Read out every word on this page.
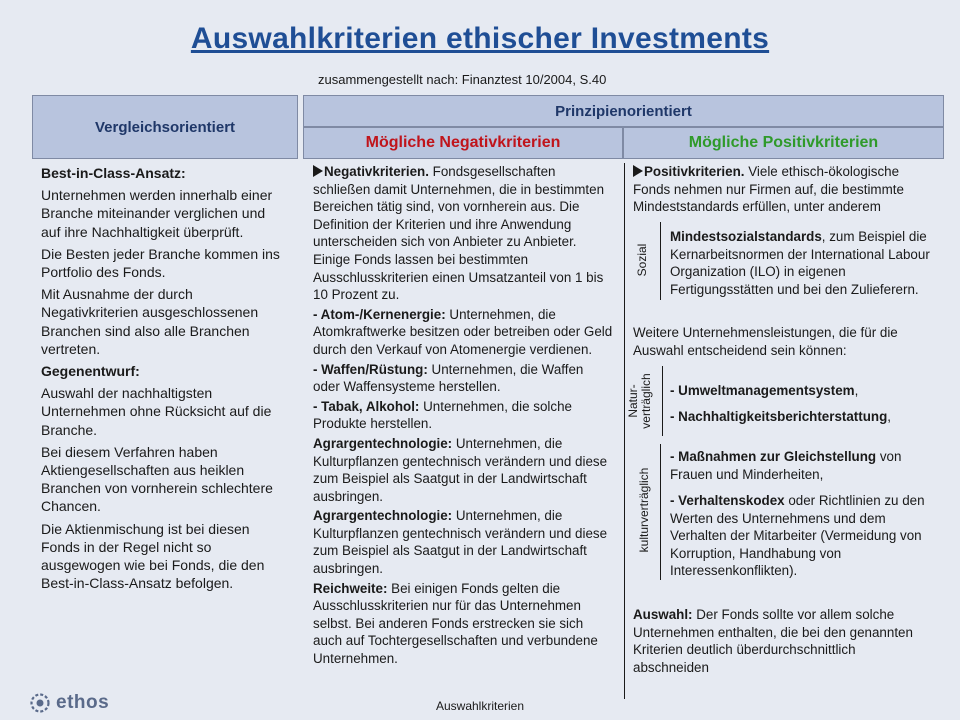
Auswahlkriterien ethischer Investments
zusammengestellt nach: Finanztest 10/2004, S.40
Vergleichsorientiert
Prinzipienorientiert
Mögliche Negativkriterien	Mögliche Positivkriterien

Best-in-Class-Ansatz:

Unternehmen werden innerhalb einer Branche miteinander verglichen und auf ihre Nachhaltigkeit überprüft.

Die Besten jeder Branche kommen ins Portfolio des Fonds.

Mit Ausnahme der durch Negativkriterien ausgeschlossenen Branchen sind also alle Branchen vertreten.

Gegenentwurf:

Auswahl der nachhaltigsten Unternehmen ohne Rücksicht auf die Branche.

Bei diesem Verfahren haben Aktiengesellschaften aus heiklen Branchen von vornherein schlechtere Chancen.

Die Aktienmischung ist bei diesen Fonds in der Regel nicht so ausgewogen wie bei Fonds, die den Best-in-Class-Ansatz befolgen.

Negativkriterien. Fondsgesellschaften schließen damit Unternehmen, die in bestimmten Bereichen tätig sind, von vornherein aus. Die Definition der Kriterien und ihre Anwendung unterscheiden sich von Anbieter zu Anbieter. Einige Fonds lassen bei bestimmten Ausschlusskriterien einen Umsatzanteil von 1 bis 10 Prozent zu.

- Atom-/Kernenergie: Unternehmen, die Atomkraftwerke besitzen oder betreiben oder Geld durch den Verkauf von Atomenergie verdienen.

- Waffen/Rüstung: Unternehmen, die Waffen oder Waffensysteme herstellen.

- Tabak, Alkohol: Unternehmen, die solche Produkte herstellen.

Agrargentechnologie: Unternehmen, die Kulturpflanzen gentechnisch verändern und diese zum Beispiel als Saatgut in der Landwirtschaft ausbringen.

Agrargentechnologie: Unternehmen, die Kulturpflanzen gentechnisch verändern und diese zum Beispiel als Saatgut in der Landwirtschaft ausbringen.

Reichweite: Bei einigen Fonds gelten die Ausschlusskriterien nur für das Unternehmen selbst. Bei anderen Fonds erstrecken sie sich auch auf Tochtergesellschaften und verbundene Unternehmen.

Positivkriterien. Viele ethisch-ökologische Fonds nehmen nur Firmen auf, die bestimmte Mindeststandards erfüllen, unter anderem
Sozial
Mindestsozialstandards, zum Beispiel die Kernarbeitsnormen der International Labour Organization (ILO) in eigenen Fertigungsstätten und bei den Zulieferern.
Weitere Unternehmensleistungen, die für die Auswahl entscheidend sein können:
Natur-
verträglich - Umweltmanagementsystem,
- Nachhaltigkeitsberichterstattung,
kulturverträglich
- Maßnahmen zur Gleichstellung von Frauen und Minderheiten,
- Verhaltenskodex oder Richtlinien zu den Werten des Unternehmens und dem Verhalten der Mitarbeiter (Vermeidung von Korruption, Handhabung von Interessenkonflikten).
Auswahl: Der Fonds sollte vor allem solche Unternehmen enthalten, die bei den genannten Kriterien deutlich überdurchschnittlich abschneiden
ethos	Auswahlkriterien
